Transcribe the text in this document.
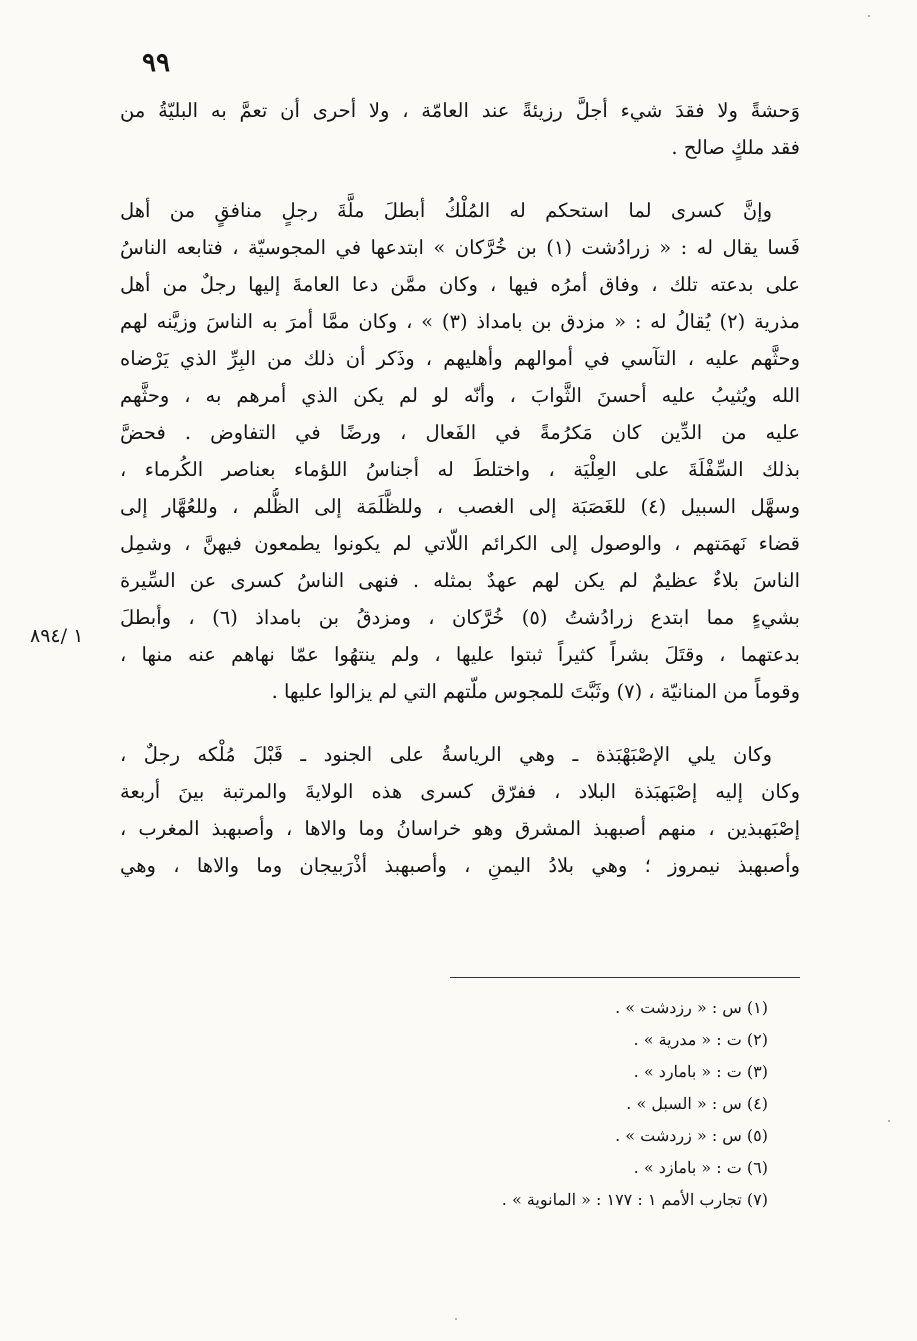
٩٩
١ /٨٩٤
وَحشةً ولا فقدَ شيء أجلَّ رزيئةً عند العامّة ، ولا أحرى أن تعمَّ به البليّةُ من
فقد ملكٍ صالح .
وإنَّ كسرى لما استحكم له المُلْكُ أبطلَ ملَّةَ رجلٍ منافقٍ من أهل
فَسا يقال له : « زرادُشت (١) بن خُرَّكان » ابتدعها في المجوسيّة ، فتابعه الناسُ
على بدعته تلك ، وفاق أمرُه فيها ، وكان ممَّن دعا العامةَ إليها رجلٌ من أهل
مذرية (٢) يُقالُ له : « مزدق بن بامداذ (٣) » ، وكان ممَّا أمرَ به الناسَ وزيَّنه لهم
وحثَّهم عليه ، التآسي في أموالهم وأهليهم ، وذَكر أن ذلك من البِرِّ الذي يَرْضاه
الله ويُثيبُ عليه أحسنَ الثَّوابَ ، وأنّه لو لم يكن الذي أمرهم به ، وحثَّهم
عليه من الدِّين كان مَكرُمةً في الفَعال ، ورضًا في التفاوض . فحضَّ
بذلك السِّفْلَةَ على العِلْيَة ، واختلطَ له أجناسُ اللؤماء بعناصر الكُرماء ،
وسهَّل السبيل (٤) للغَصَبَة إلى الغصب ، وللظَّلَمَة إلى الظُّلم ، وللعُهَّار إلى
قضاء نَهمَتهم ، والوصول إلى الكرائم اللّاتي لم يكونوا يطمعون فيهنَّ ، وشمِل
الناسَ بلاءٌ عظيمٌ لم يكن لهم عهدٌ بمثله . فنهى الناسُ كسرى عن السِّيرة
بشيءٍ مما ابتدع زرادُشتُ (٥) خُرَّكان ، ومزدقُ بن بامداذ (٦) ، وأبطلَ
بدعتهما ، وقتَلَ بشراً كثيراً ثبتوا عليها ، ولم ينتهُوا عمّا نهاهم عنه منها ،
وقوماً من المنانيّة ، (٧) وثَبَّتَ للمجوس ملّتهم التي لم يزالوا عليها .
وكان يلي الإصْبَهْبَذة ـ وهي الرياسةُ على الجنود ـ قَبْلَ مُلْكه رجلٌ ،
وكان إليه إصْبَهبَذة البلاد ، ففرّق كسرى هذه الولايةَ والمرتبة بينَ أربعة
إصْبَهبذين ، منهم أصبهبذ المشرق وهو خراسانُ وما والاها ، وأصبهبذ المغرب ،
وأصبهبذ نيمروز ؛ وهي بلادُ اليمنِ ، وأصبهبذ أذْرَبيجان وما والاها ، وهي
(١) س : « رزدشت » .
(٢) ت : « مدرية » .
(٣) ت : « بامارد » .
(٤) س : « السبل » .
(٥) س : « زردشت » .
(٦) ت : « بامازد » .
(٧) تجارب الأمم ١ : ١٧٧ : « المانوية » .
